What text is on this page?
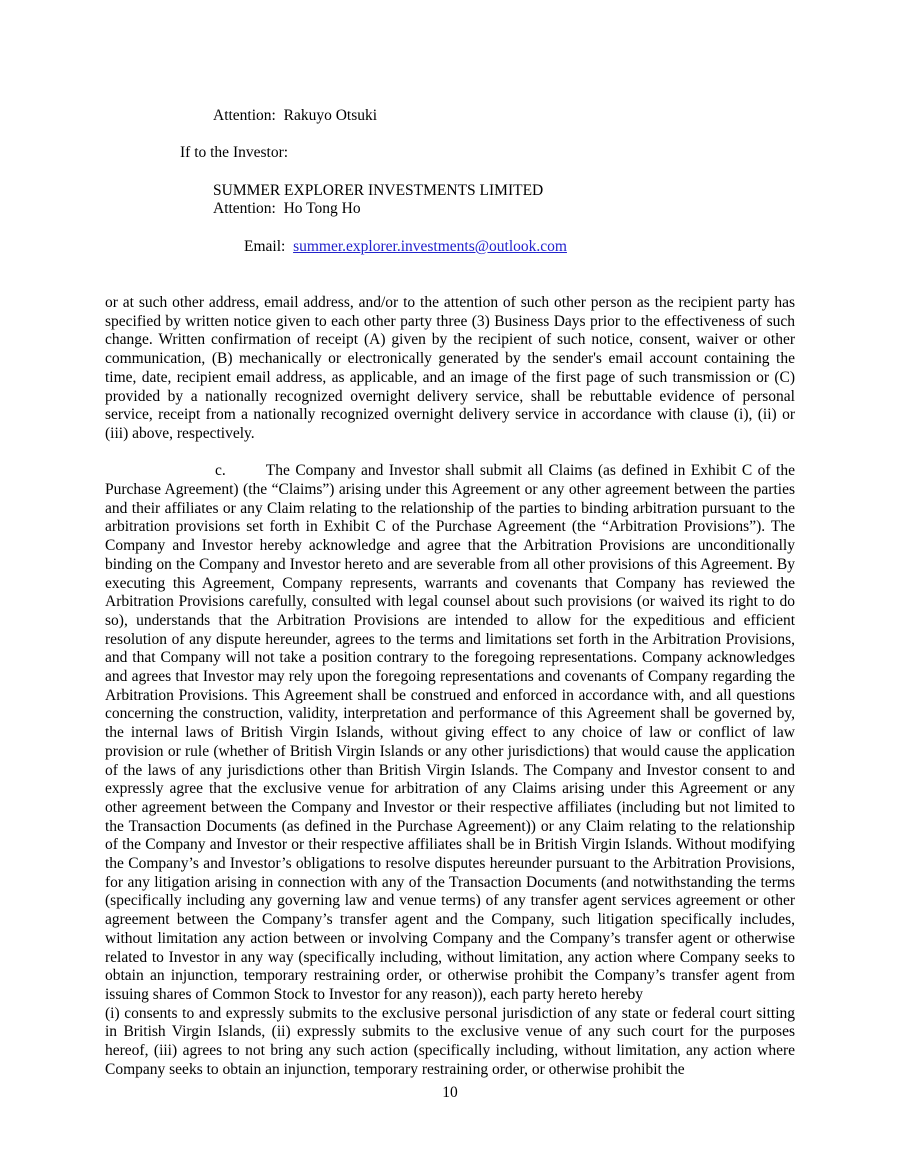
Attention:  Rakuyo Otsuki
If to the Investor:
SUMMER EXPLORER INVESTMENTS LIMITED
Attention:  Ho Tong Ho

Email:  summer.explorer.investments@outlook.com

or at such other address, email address, and/or to the attention of such other person as the recipient party has specified by written notice given to each other party three (3) Business Days prior to the effectiveness of such change. Written confirmation of receipt (A) given by the recipient of such notice, consent, waiver or other communication, (B) mechanically or electronically generated by the sender's email account containing the time, date, recipient email address, as applicable, and an image of the first page of such transmission or (C) provided by a nationally recognized overnight delivery service, shall be rebuttable evidence of personal service, receipt from a nationally recognized overnight delivery service in accordance with clause (i), (ii) or (iii) above, respectively.

c.	The Company and Investor shall submit all Claims (as defined in Exhibit C of the Purchase Agreement) (the “Claims”) arising under this Agreement or any other agreement between the parties and their affiliates or any Claim relating to the relationship of the parties to binding arbitration pursuant to the arbitration provisions set forth in Exhibit C of the Purchase Agreement (the “Arbitration Provisions”). The Company and Investor hereby acknowledge and agree that the Arbitration Provisions are unconditionally binding on the Company and Investor hereto and are severable from all other provisions of this Agreement. By executing this Agreement, Company represents, warrants and covenants that Company has reviewed the Arbitration Provisions carefully, consulted with legal counsel about such provisions (or waived its right to do so), understands that the Arbitration Provisions are intended to allow for the expeditious and efficient resolution of any dispute hereunder, agrees to the terms and limitations set forth in the Arbitration Provisions, and that Company will not take a position contrary to the foregoing representations. Company acknowledges and agrees that Investor may rely upon the foregoing representations and covenants of Company regarding the Arbitration Provisions. This Agreement shall be construed and enforced in accordance with, and all questions concerning the construction, validity, interpretation and performance of this Agreement shall be governed by, the internal laws of British Virgin Islands, without giving effect to any choice of law or conflict of law provision or rule (whether of British Virgin Islands or any other jurisdictions) that would cause the application of the laws of any jurisdictions other than British Virgin Islands. The Company and Investor consent to and expressly agree that the exclusive venue for arbitration of any Claims arising under this Agreement or any other agreement between the Company and Investor or their respective affiliates (including but not limited to the Transaction Documents (as defined in the Purchase Agreement)) or any Claim relating to the relationship of the Company and Investor or their respective affiliates shall be in British Virgin Islands. Without modifying the Company’s and Investor’s obligations to resolve disputes hereunder pursuant to the Arbitration Provisions, for any litigation arising in connection with any of the Transaction Documents (and notwithstanding the terms (specifically including any governing law and venue terms) of any transfer agent services agreement or other agreement between the Company’s transfer agent and the Company, such litigation specifically includes, without limitation any action between or involving Company and the Company’s transfer agent or otherwise related to Investor in any way (specifically including, without limitation, any action where Company seeks to obtain an injunction, temporary restraining order, or otherwise prohibit the Company’s transfer agent from issuing shares of Common Stock to Investor for any reason)), each party hereto hereby

(i) consents to and expressly submits to the exclusive personal jurisdiction of any state or federal court sitting in British Virgin Islands, (ii) expressly submits to the exclusive venue of any such court for the purposes hereof, (iii) agrees to not bring any such action (specifically including, without limitation, any action where Company seeks to obtain an injunction, temporary restraining order, or otherwise prohibit the

10
